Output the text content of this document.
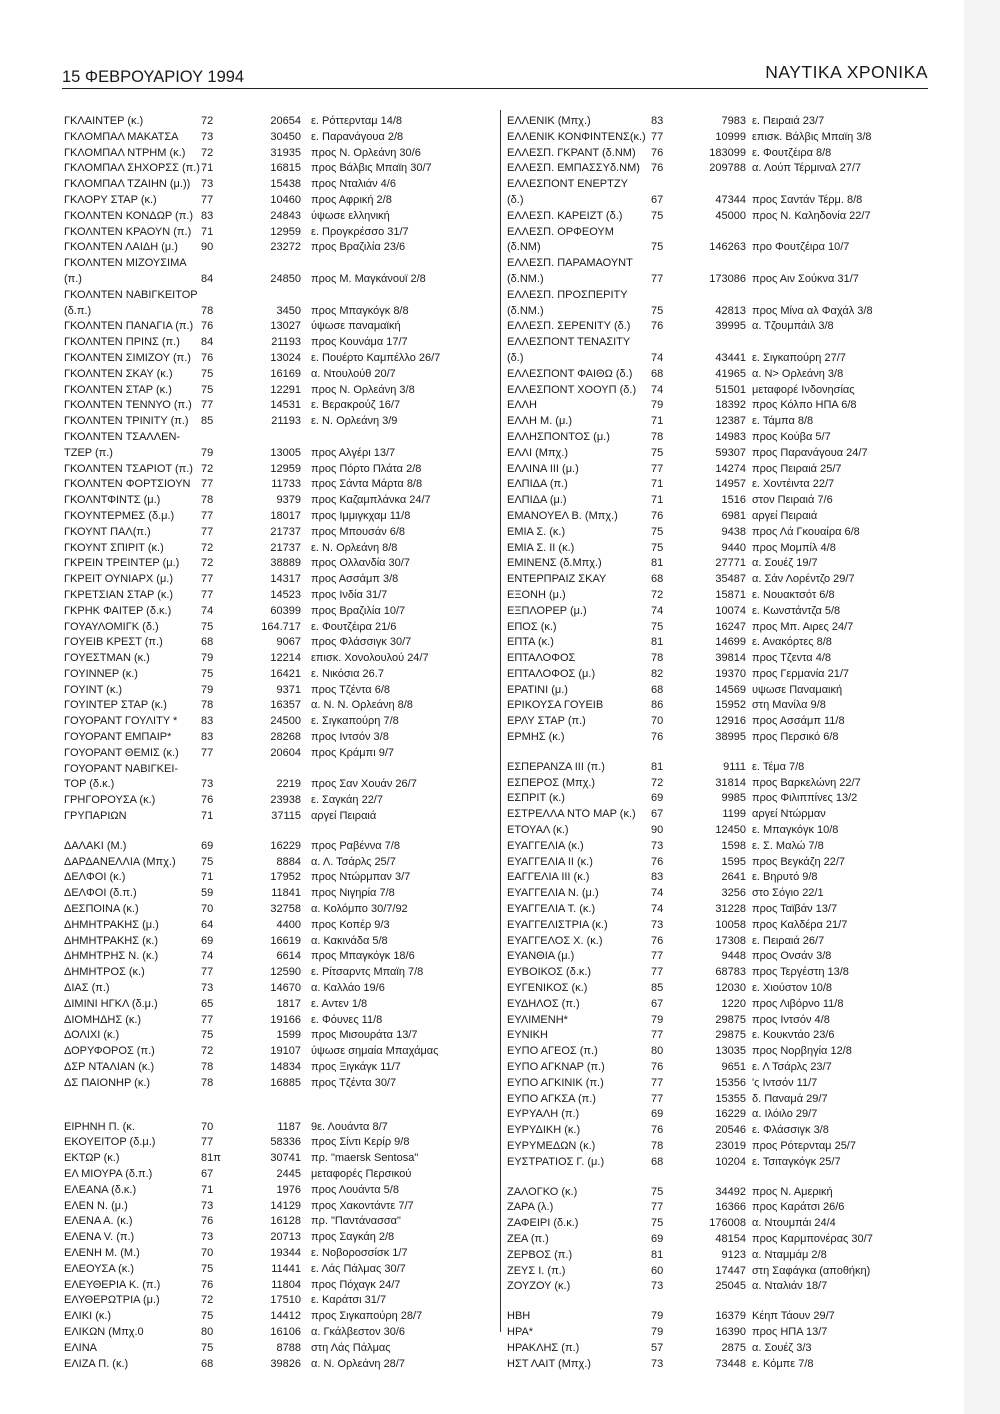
15 ΦΕΒΡΟΥΑΡΙΟΥ 1994	ΝΑΥΤΙΚΑ ΧΡΟΝΙΚΑ
ΓΚΛΑΙΝΤΕΡ (κ.)	72	20654 ε. Ρόττερνταμ 14/8
ΓΚΛΟΜΠΑΛ ΜΑΚΑΤΣΑ 73	30450 ε. Παρανάγουα 2/8
ΓΚΛΟΜΠΑΛ ΝΤΡΗΜ (κ.) 72	31935 προς Ν. Ορλεάνη 30/6
ΓΚΛΟΜΠΑΛ ΣΗΧΟΡΣΣ (π.) 71	16815 προς Βάλβις Μπαϊη 30/7
ΓΚΛΟΜΠΑΛ ΤΖΑΙΗΝ (μ.)) 73	15438 προς Νταλιάν 4/6
ΓΚΛΟΡΥ ΣΤΑΡ (κ.)	77	10460 προς Αφρική 2/8
ΓΚΟΛΝΤΕΝ ΚΟΝΔΩΡ (π.) 83	24843 ύψωσε ελληνική
ΓΚΟΛΝΤΕΝ ΚΡΑΟΥΝ (π.) 71	12959 ε. Προγκρέσσο 31/7
ΓΚΟΛΝΤΕΝ ΛΑΙΔΗ (μ.) 90	23272 προς Βραζιλία 23/6
ΓΚΟΛΝΤΕΝ ΜΙΖΟΥΣΙΜΑ
(π.)	84	24850 προς Μ. Μαγκάνουϊ 2/8
ΓΚΟΛΝΤΕΝ ΝΑΒΙΓΚΕΙΤΟΡ
(δ.π.)	78	3450 προς Μπαγκόγκ 8/8
ΓΚΟΛΝΤΕΝ ΠΑΝΑΓΙΑ (π.) 76	13027 ύψωσε παναμαϊκή
ΓΚΟΛΝΤΕΝ ΠΡΙΝΣ (π.) 84	21193 προς Κουνάμα 17/7
ΓΚΟΛΝΤΕΝ ΣΙΜΙΖΟΥ (π.) 76	13024 ε. Πουέρτο Καμπέλλο 26/7
ΓΚΟΛΝΤΕΝ ΣΚΑΥ (κ.)	75	16169 α. Ντουλούθ 20/7
ΓΚΟΛΝΤΕΝ ΣΤΑΡ (κ.)	75	12291 προς Ν. Ορλεάνη 3/8
ΓΚΟΛΝΤΕΝ ΤΕΝΝΥΟ (π.) 77	14531 ε. Βερακρούζ 16/7
ΓΚΟΛΝΤΕΝ ΤΡΙΝΙΤΥ (π.) 85	21193 ε. Ν. Ορλεάνη 3/9
ΓΚΟΛΝΤΕΝ ΤΣΑΛΛΕΝ-
ΤΖΕΡ (π.)	79	13005 προς Αλγέρι 13/7
ΓΚΟΛΝΤΕΝ ΤΣΑΡΙΟΤ (π.) 72	12959 προς Πόρτο Πλάτα 2/8
ΓΚΟΛΝΤΕΝ ΦΟΡΤΣΙΟΥΝ 77	11733 προς Σάντα Μάρτα 8/8
ΓΚΟΛΝΤΦΙΝΤΣ (μ.)	78	9379 προς Καζαμπλάνκα 24/7
ΓΚΟΥΝΤΕΡΜΕΣ (δ.μ.) 77	18017 προς Ιμμιγκχαμ 11/8
ΓΚΟΥΝΤ ΠΑΛ(π.)	77	21737 προς Μπουσάν 6/8
ΓΚΟΥΝΤ ΣΠΙΡΙΤ (κ.)	72	21737 ε. Ν. Ορλεάνη 8/8
ΓΚΡΕΙΝ ΤΡΕΙΝΤΕΡ (μ.) 72	38889 προς Ολλανδία 30/7
ΓΚΡΕΙΤ ΟΥΝΙΑΡΧ (μ.)	77	14317 προς Ασσάμπ 3/8
ΓΚΡΕΤΣΙΑΝ ΣΤΑΡ (κ.)	77	14523 προς Ινδία 31/7
ΓΚΡΗΚ ΦΑΙΤΕΡ (δ.κ.)	74	60399 προς Βραζιλία 10/7
ΓΟΥΑΥΛΟΜΙΓΚ (δ.)	75	164.717 ε. Φουτζέιρα 21/6
ΓΟΥΕΙΒ ΚΡΕΣΤ (π.)	68	9067 προς Φλάσσιγκ 30/7
ΓΟΥΕΣΤΜΑΝ (κ.)	79	12214 επισκ. Χονολουλού 24/7
ΓΟΥΙΝΝΕΡ (κ.)	75	16421 ε. Νικόσια 26.7
ΓΟΥΙΝΤ (κ.)	79	9371 προς Τζέντα 6/8
ΓΟΥΙΝΤΕΡ ΣΤΑΡ (κ.)	78	16357 α. Ν. Ν. Ορλεάνη 8/8
ΓΟΥΟΡΑΝΤ ΓΟΥΛΙΤΥ * 83	24500 ε. Σιγκαπούρη 7/8
ΓΟΥΟΡΑΝΤ ΕΜΠΑΙΡ*	83	28268 προς Ιντσόν 3/8
ΓΟΥΟΡΑΝΤ ΘΕΜΙΣ (κ.) 77	20604 προς Κράμπι 9/7
ΓΟΥΟΡΑΝΤ ΝΑΒΙΓΚΕΙ-
ΤΟΡ (δ.κ.)	73	2219 προς Σαν Χουάν 26/7
ΓΡΗΓΟΡΟΥΣΑ (κ.)	76	23938 ε. Σαγκάη 22/7
ΓΡΥΠΑΡΙΩΝ	71	37115 αργεί Πειραιά
ΔΑΛΑΚΙ (Μ.)	69	16229 προς Ραβέννα 7/8
ΔΑΡΔΑΝΕΛΛΙΑ (Μπχ.) 75	8884 α. Λ. Τσάρλς 25/7
ΔΕΛΦΟΙ (κ.)	71	17952 προς Ντώρμπαν 3/7
ΔΕΛΦΟΙ (δ.π.)	59	11841 προς Νιγηρία 7/8
ΔΕΣΠΟΙΝΑ (κ.)	70	32758 α. Κολόμπο 30/7/92
ΔΗΜΗΤΡΑΚΗΣ (μ.)	64	4400 προς Κοπέρ 9/3
ΔΗΜΗΤΡΑΚΗΣ (κ.)	69	16619 α. Κακινάδα 5/8
ΔΗΜΗΤΡΗΣ Ν. (κ.)	74	6614 προς Μπαγκόγκ 18/6
ΔΗΜΗΤΡΟΣ (κ.)	77	12590 ε. Ρίτσαρντς Μπαϊη 7/8
ΔΙΑΣ (π.)	73	14670 α. Καλλάο 19/6
ΔΙΜΙΝΙ ΗΓΚΛ (δ.μ.)	65	1817 ε. Αντεν 1/8
ΔΙΟΜΗΔΗΣ (κ.)	77	19166 ε. Φόυνες 11/8
ΔΟΛΙΧΙ (κ.)	75	1599 προς Μισουράτα 13/7
ΔΟΡΥΦΟΡΟΣ (π.)	72	19107 ύψωσε σημαία Μπαχάμας
ΔΣΡ ΝΤΑΛΙΑΝ (κ.)	78	14834 προς Ξιγκάγκ 11/7
ΔΣ ΠΑΙΟΝΗΡ (κ.)	78	16885 προς Τζέντα 30/7
ΕΙΡΗΝΗ Π. (κ.	70	1187 9ε. Λουάντα 8/7
ΕΚΟΥΕΙΤΟΡ (δ.μ.)	77	58336 προς Σίντι Κερίρ 9/8
ΕΚΤΩΡ (κ.)	81π	30741 πρ. "maersk Sentosa"
ΕΛ ΜΙΟΥΡΑ (δ.π.)	67	2445 μεταφορές Περσικού
ΕΛΕΑΝΑ (δ.κ.)	71	1976 προς Λουάντα 5/8
ΕΛΕΝ Ν. (μ.)	73	14129 προς Χακοντάντε 7/7
ΕΛΕΝΑ Α. (κ.)	76	16128 πρ. "Παντάνασσα"
ΕΛΕΝΑ V. (π.)	73	20713 προς Σαγκάη 2/8
ΕΛΕΝΗ Μ. (Μ.)	70	19344 ε. Νοβοροσσίσκ 1/7
ΕΛΕΟΥΣΑ (κ.)	75	11441 ε. Λάς Πάλμας 30/7
ΕΛΕΥΘΕΡΙΑ Κ. (π.)	76	11804 προς Πόχαγκ 24/7
ΕΛΥΘΕΡΩΤΡΙΑ (μ.)	72	17510 ε. Καράτσι 31/7
ΕΛΙΚΙ (κ.)	75	14412 προς Σιγκαπούρη 28/7
ΕΛΙΚΩΝ (Μπχ.0	80	16106 α. Γκάλβεστον 30/6
ΕΛΙΝΑ	75	8788 στη Λάς Πάλμας
ΕΛΙΖΑ Π. (κ.)	68	39826 α. Ν. Ορλεάνη 28/7
ΕΛΛΕΝΙΚ (Μπχ.)	83	7983 ε. Πειραιά 23/7
ΕΛΛΕΝΙΚ ΚΟΝΦΙΝΤΕΝΣ(κ.) 77	10999 επισκ. Βάλβις Μπαϊη 3/8
ΕΛΛΕΣΠ. ΓΚΡΑΝΤ (δ.ΝΜ) 76	183099 ε. Φουτζέιρα 8/8
ΕΛΛΕΣΠ. ΕΜΠΑΣΣΥδ.ΝΜ) 76	209788 α. Λούπ Τέρμιναλ 27/7
ΕΛΛΕΣΠΟΝΤ ΕΝΕΡΤΖΥ
(δ.)	67	47344 προς Σαντάν Τέρμ. 8/8
ΕΛΛΕΣΠ. ΚΑΡΕΙΖΤ (δ.)	75	45000 προς Ν. Καληδονία 22/7
ΕΛΛΕΣΠ. ΟΡΦΕΟΥΜ
(δ.ΝΜ)	75	146263 προ Φουτζέιρα 10/7
ΕΛΛΕΣΠ. ΠΑΡΑΜΑΟΥΝΤ
(δ.ΝΜ.)	77	173086 προς Αιν Σούκνα 31/7
ΕΛΛΕΣΠ. ΠΡΟΣΠΕΡΙΤΥ
(δ.ΝΜ.)	75	42813 προς Μίνα αλ Φαχάλ 3/8
ΕΛΛΕΣΠ. ΣΕΡΕΝΙΤΥ (δ.) 76	39995 α. Τζουμπάιλ 3/8
ΕΛΛΕΣΠΟΝΤ ΤΕΝΑΣΙΤΥ
(δ.)	74	43441 ε. Σιγκαπούρη 27/7
ΕΛΛΕΣΠΟΝΤ ΦΑΙΘΩ (δ.) 68	41965 α. Ν> Ορλεάνη 3/8
ΕΛΛΕΣΠΟΝΤ ΧΟΟΥΠ (δ.) 74	51501 μεταφορέ Ινδονησίας
ΕΛΛΗ	79	18392 προς Κόλπο ΗΠΑ 6/8
ΕΛΛΗ Μ. (μ.)	71	12387 ε. Τάμπα 8/8
ΕΛΛΗΣΠΟΝΤΟΣ (μ.)	78	14983 προς Κούβα 5/7
ΕΛΛΙ (Μπχ.)	75	59307 προς Παρανάγουα 24/7
ΕΛΛΙΝΑ III (μ.)	77	14274 προς Πειραιά 25/7
ΕΛΠΙΔΑ (π.)	71	14957 ε. Χοντέιντα 22/7
ΕΛΠΙΔΑ (μ.)	71	1516 στον Πειραιά 7/6
ΕΜΑΝΟΥΕΛ Β. (Μπχ.)	76	6981 αργεί Πειραιά
ΕΜΙΑ Σ. (κ.)	75	9438 προς Λά Γκουαίρα 6/8
ΕΜΙΑ Σ. II (κ.)	75	9440 προς Μομπίλ 4/8
ΕΜΙΝΕΝΣ (δ.Μπχ.)	81	27771 α. Σουέζ 19/7
ΕΝΤΕΡΠΡΑΙΖ ΣΚΑΥ	68	35487 α. Σάν Λορέντζο 29/7
ΕΞΟΝΗ (μ.)	72	15871 ε. Νουακτσότ 6/8
ΕΞΠΛΟΡΕΡ (μ.)	74	10074 ε. Κωνστάντζα 5/8
ΕΠΟΣ (κ.)	75	16247 προς Μπ. Αιρες 24/7
ΕΠΤΑ (κ.)	81	14699 ε. Ανακόρτες 8/8
ΕΠΤΑΛΟΦΟΣ	78	39814 προς Τζεντα 4/8
ΕΠΤΑΛΟΦΟΣ (μ.)	82	19370 προς Γερμανία 21/7
ΕΡΑΤΙΝΙ (μ.)	68	14569 υψωσε Παναμαική
ΕΡΙΚΟΥΣΑ ΓΟΥΕΙΒ	86	15952 στη Μανίλα 9/8
ΕΡΛΥ ΣΤΑΡ (π.)	70	12916 προς Ασσάμπ 11/8
ΕΡΜΗΣ (κ.)	76	38995 προς Περσικό 6/8
ΕΣΠΕΡΑΝΖΑ III (π.)	81	9111 ε. Τέμα 7/8
ΕΣΠΕΡΟΣ (Μπχ.)	72	31814 προς Βαρκελώνη 22/7
ΕΣΠΡΙΤ (κ.)	69	9985 προς Φιλιππίνες 13/2
ΕΣΤΡΕΛΛΑ ΝΤΟ ΜΑΡ (κ.) 67	1199 αργεί Ντώρμαν
ΕΤΟΥΑΛ (κ.)	90	12450 ε. Μπαγκόγκ 10/8
ΕΥΑΓΓΕΛΙΑ (κ.)	73	1598 ε. Σ. Μαλώ 7/8
ΕΥΑΓΓΕΛΙΑ II (κ.)	76	1595 προς Βεγκάζη 22/7
ΕΑΓΓΕΛΙΑ III (κ.)	83	2641 ε. Βηρυτό 9/8
ΕΥΑΓΓΕΛΙΑ Ν. (μ.)	74	3256 στο Σόγιο 22/1
ΕΥΑΓΓΕΛΙΑ Τ. (κ.)	74	31228 προς Ταϊβάν 13/7
ΕΥΑΓΓΕΛΙΣΤΡΙΑ (κ.)	73	10058 προς Καλδέρα 21/7
ΕΥΑΓΓΕΛΟΣ Χ. (κ.)	76	17308 ε. Πειραιά 26/7
ΕΥΑΝΘΙΑ (μ.)	77	9448 προς Ονσάν 3/8
ΕΥΒΟΙΚΟΣ (δ.κ.)	77	68783 προς Τεργέστη 13/8
ΕΥΓΕΝΙΚΟΣ (κ.)	85	12030 ε. Χιούστον 10/8
ΕΥΔΗΛΟΣ (π.)	67	1220 προς Λιβόρνο 11/8
ΕΥΛΙΜΕΝΗ*	79	29875 προς Ιντσόν 4/8
ΕΥΝΙΚΗ	77	29875 ε. Κουκντάο 23/6
ΕΥΠΟ ΑΓΕΟΣ (π.)	80	13035 προς Νορβηγία 12/8
ΕΥΠΟ ΑΓΚΝΑΡ (π.)	76	9651 ε. Λ Τσάρλς 23/7
ΕΥΠΟ ΑΓΚΙΝΙΚ (π.)	77	15356 'ς Ιντσόν 11/7
ΕΥΠΟ ΑΓΚΣΑ (π.)	77	15355 δ. Παναμά 29/7
ΕΥΡΥΑΛΗ (π.)	69	16229 α. Ιλόιλο 29/7
ΕΥΡΥΔΙΚΗ (κ.)	76	20546 ε. Φλάσσιγκ 3/8
ΕΥΡΥΜΕΔΩΝ (κ.)	78	23019 προς Ρότερνταμ 25/7
ΕΥΣΤΡΑΤΙΟΣ Γ. (μ.)	68	10204 ε. Τσιταγκόγκ 25/7
ΖΑΛΟΓΚΟ (κ.)	75	34492 προς Ν. Αμερική
ΖΑΡΑ (λ.)	77	16366 προς Καράτσι 26/6
ΖΑΦΕΙΡΙ (δ.κ.)	75	176008 α. Ντουμπάι 24/4
ΖΕΑ (π.)	69	48154 προς Καρμπονέρας 30/7
ΖΕΡΒΟΣ (π.)	81	9123 α. Νταμμάμ 2/8
ΖΕΥΣ Ι. (π.)	60	17447 στη Σαφάγκα (αποθήκη)
ΖΟΥΖΟΥ (κ.)	73	25045 α. Νταλιάν 18/7
ΗΒΗ	79	16379 Κέηπ Τάουν 29/7
ΗΡΑ*	79	16390 προς ΗΠΑ 13/7
ΗΡΑΚΛΗΣ (π.)	57	2875 α. Σουέζ 3/3
ΗΣΤ ΛΑΙΤ (Μπχ.)	73	73448 ε. Κόμπε 7/8
